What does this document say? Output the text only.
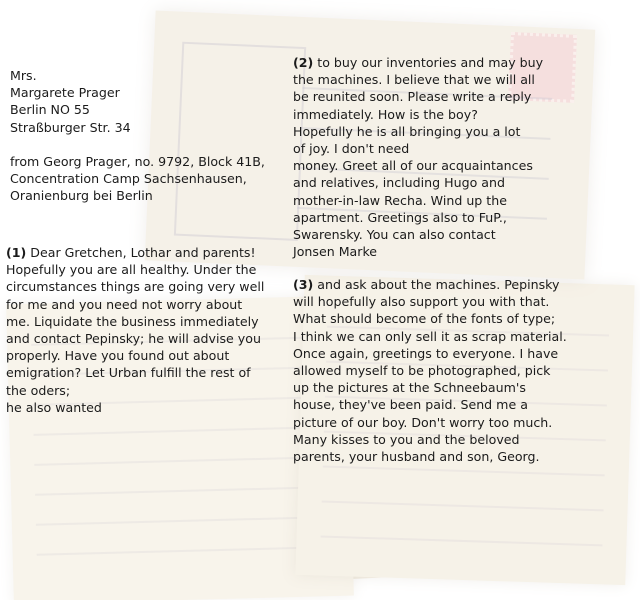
Mrs.
Margarete Prager
Berlin NO 55
Straßburger Str. 34

from Georg Prager, no. 9792, Block 41B,
Concentration Camp Sachsenhausen,
Oranienburg bei Berlin

(1) Dear Gretchen, Lothar and parents!
Hopefully you are all healthy. Under the
circumstances things are going very well
for me and you need not worry about
me. Liquidate the business immediately
and contact Pepinsky; he will advise you
properly. Have you found out about
emigration? Let Urban fulfill the rest of
the oders;
he also wanted

(2) to buy our inventories and may buy
the machines. I believe that we will all
be reunited soon. Please write a reply
immediately. How is the boy?
Hopefully he is all bringing you a lot
of joy. I don't need
money. Greet all of our acquaintances
and relatives, including Hugo and
mother-in-law Recha. Wind up the
apartment. Greetings also to FuP.,
Swarensky. You can also contact
Jonsen Marke

(3) and ask about the machines. Pepinsky
will hopefully also support you with that.
What should become of the fonts of type;
I think we can only sell it as scrap material.
Once again, greetings to everyone. I have
allowed myself to be photographed, pick
up the pictures at the Schneebaum's
house, they've been paid. Send me a
picture of our boy. Don't worry too much.
Many kisses to you and the beloved
parents, your husband and son, Georg.
